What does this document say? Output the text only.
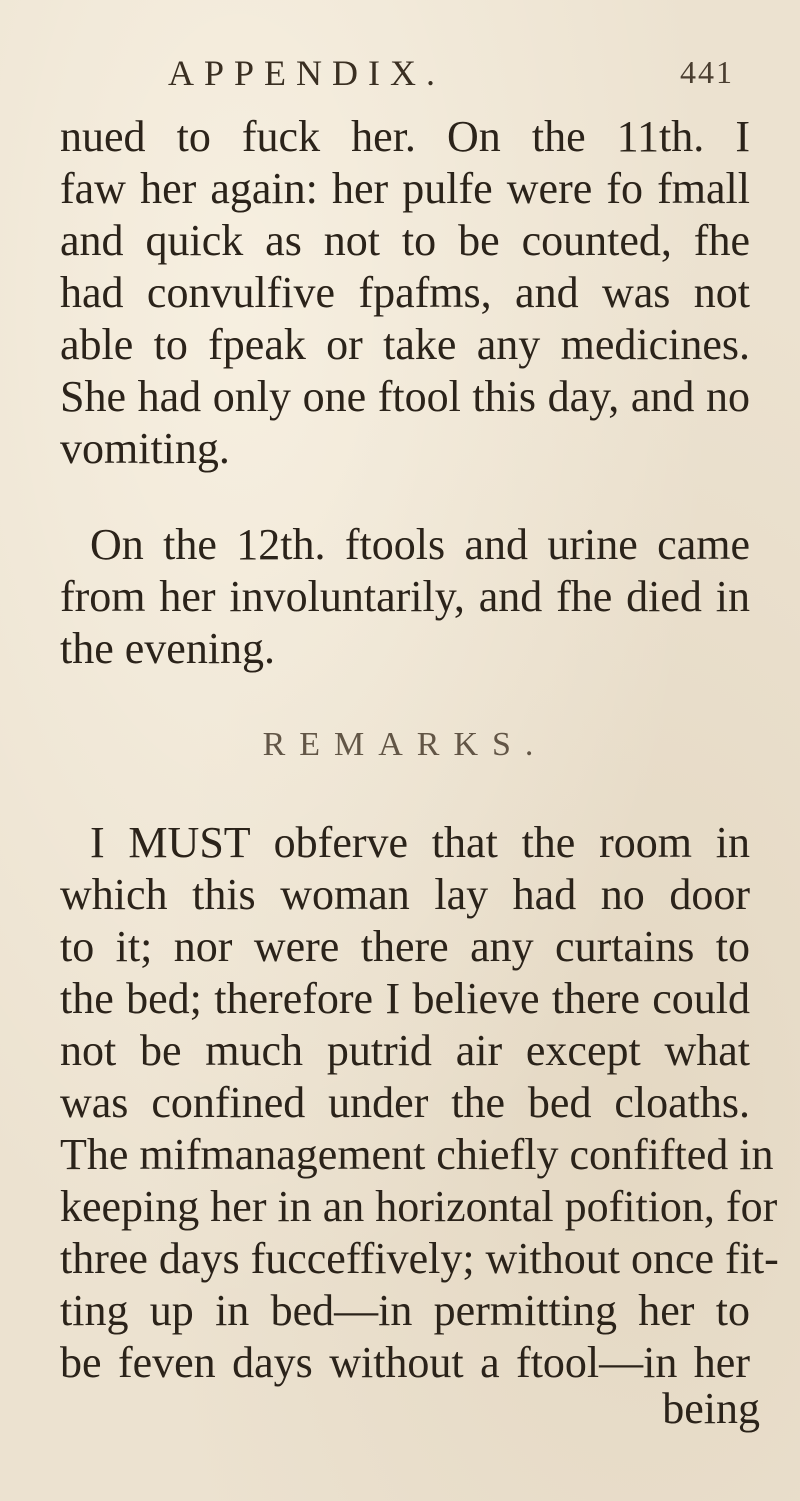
APPENDIX.	441
nued to fuck her. On the 11th. I
faw her again: her pulfe were fo fmall
and quick as not to be counted, fhe
had convulfive fpafms, and was not
able to fpeak or take any medicines.
She had only one ftool this day, and no
vomiting.
On the 12th. ftools and urine came
from her involuntarily, and fhe died in
the evening.
REMARKS.
I MUST obferve that the room in
which this woman lay had no door
to it; nor were there any curtains to
the bed; therefore I believe there could
not be much putrid air except what
was confined under the bed cloaths.
The mifmanagement chiefly confifted in
keeping her in an horizontal pofition, for
three days fucceffively; without once fit-
ting up in bed—in permitting her to
be feven days without a ftool—in her
being
